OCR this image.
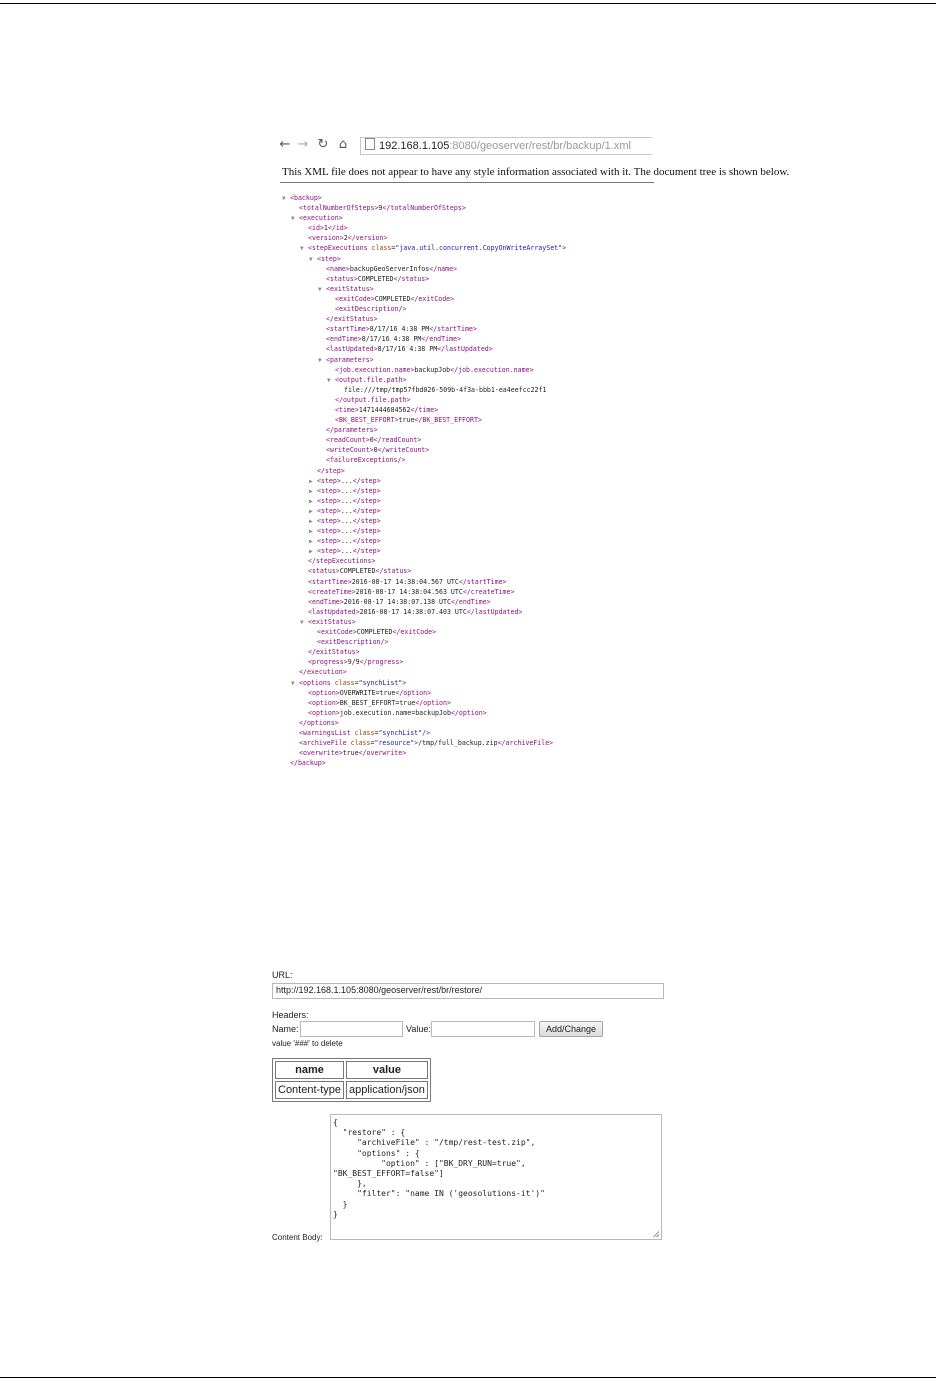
← → ↻ ⌂	192.168.1.105:8080/geoserver/rest/br/backup/1.xml
This XML file does not appear to have any style information associated with it. The document tree is shown below.
▼ <backup>
<totalNumberOfSteps>9</totalNumberOfSteps>
▼ <execution>
<id>1</id>
<version>2</version>
▼ <stepExecutions class="java.util.concurrent.CopyOnWriteArraySet">
▼ <step>
<name>backupGeoServerInfos</name>
<status>COMPLETED</status>
▼ <exitStatus>
<exitCode>COMPLETED</exitCode>
<exitDescription/>
</exitStatus>
<startTime>8/17/16 4:38 PM</startTime>
<endTime>8/17/16 4:38 PM</endTime>
<lastUpdated>8/17/16 4:38 PM</lastUpdated>
▼ <parameters>
<job.execution.name>backupJob</job.execution.name>
▼ <output.file.path>
file:///tmp/tmp57fbd026-509b-4f3a-bbb1-ea4eefcc22f1
</output.file.path>
<time>1471444684562</time>
<BK_BEST_EFFORT>true</BK_BEST_EFFORT>
</parameters>
<readCount>0</readCount>
<writeCount>0</writeCount>
<failureExceptions/>
</step>
▶ <step>...</step>
▶ <step>...</step>
▶ <step>...</step>
▶ <step>...</step>
▶ <step>...</step>
▶ <step>...</step>
▶ <step>...</step>
▶ <step>...</step>
</stepExecutions>
<status>COMPLETED</status>
<startTime>2016-08-17 14:38:04.567 UTC</startTime>
<createTime>2016-08-17 14:38:04.563 UTC</createTime>
<endTime>2016-08-17 14:38:07.138 UTC</endTime>
<lastUpdated>2016-08-17 14:38:07.403 UTC</lastUpdated>
▼ <exitStatus>
<exitCode>COMPLETED</exitCode>
<exitDescription/>
</exitStatus>
<progress>9/9</progress>
</execution>
▼ <options class="synchList">
<option>OVERWRITE=true</option>
<option>BK_BEST_EFFORT=true</option>
<option>job.execution.name=backupJob</option>
</options>
<warningsList class="synchList"/>
<archiveFile class="resource">/tmp/full_backup.zip</archiveFile>
<overwrite>true</overwrite>
</backup>
URL:
http://192.168.1.105:8080/geoserver/rest/br/restore/
Headers:
Name:	Value:	Add/Change
value '###' to delete
name	value
Content-type	application/json
Content Body:
{
"restore" : {
"archiveFile" : "/tmp/rest-test.zip",
"options" : {
"option" : ["BK_DRY_RUN=true",
"BK_BEST_EFFORT=false"]
},
"filter": "name IN ('geosolutions-it')"
}
}
